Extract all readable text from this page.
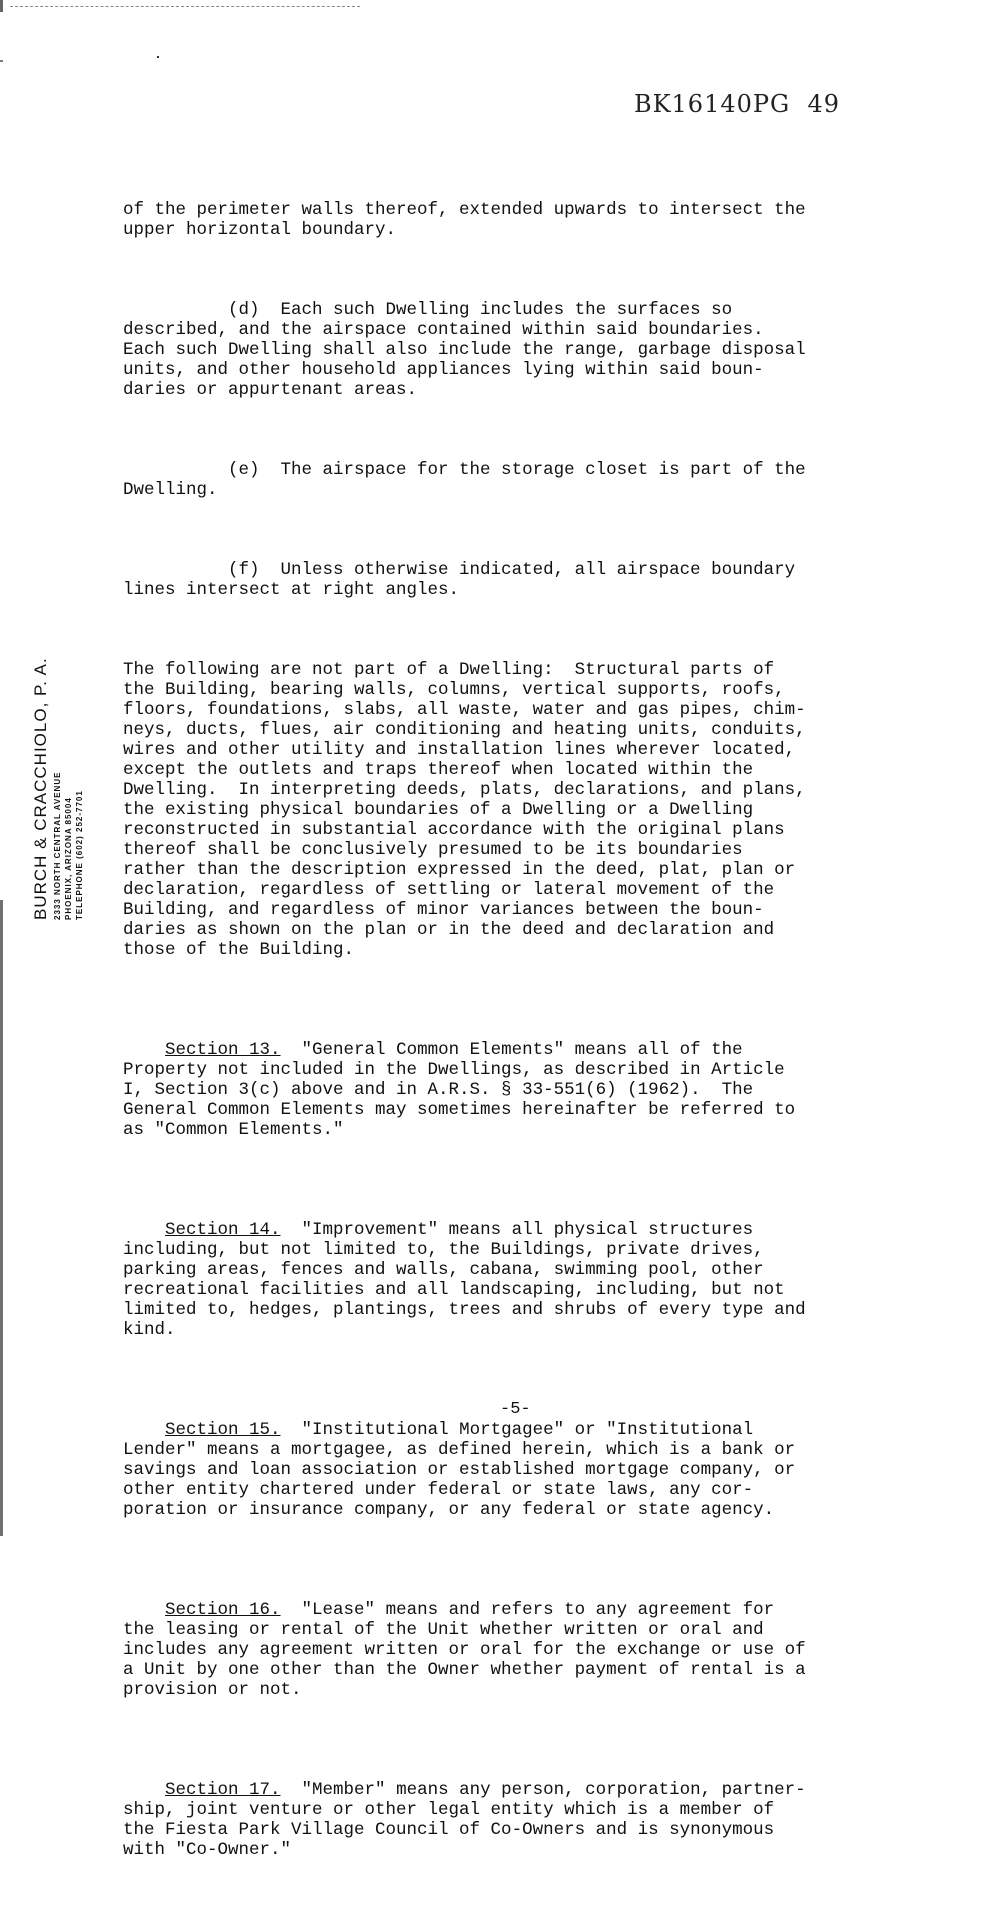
BK16140PG  49
BURCH & CRACCHIOLO, P. A. 2333 NORTH CENTRAL AVENUE PHOENIX, ARIZONA 85004 TELEPHONE (602) 252-7701

of the perimeter walls thereof, extended upwards to intersect the
upper horizontal boundary.

(d)  Each such Dwelling includes the surfaces so
described, and the airspace contained within said boundaries.
Each such Dwelling shall also include the range, garbage disposal
units, and other household appliances lying within said boun-
daries or appurtenant areas.

(e)  The airspace for the storage closet is part of the
Dwelling.

(f)  Unless otherwise indicated, all airspace boundary
lines intersect at right angles.

The following are not part of a Dwelling:  Structural parts of
the Building, bearing walls, columns, vertical supports, roofs,
floors, foundations, slabs, all waste, water and gas pipes, chim-
neys, ducts, flues, air conditioning and heating units, conduits,
wires and other utility and installation lines wherever located,
except the outlets and traps thereof when located within the
Dwelling.  In interpreting deeds, plats, declarations, and plans,
the existing physical boundaries of a Dwelling or a Dwelling
reconstructed in substantial accordance with the original plans
thereof shall be conclusively presumed to be its boundaries
rather than the description expressed in the deed, plat, plan or
declaration, regardless of settling or lateral movement of the
Building, and regardless of minor variances between the boun-
daries as shown on the plan or in the deed and declaration and
those of the Building.

Section 13.  "General Common Elements" means all of the
Property not included in the Dwellings, as described in Article
I, Section 3(c) above and in A.R.S. § 33-551(6) (1962).  The
General Common Elements may sometimes hereinafter be referred to
as "Common Elements."

Section 14.  "Improvement" means all physical structures
including, but not limited to, the Buildings, private drives,
parking areas, fences and walls, cabana, swimming pool, other
recreational facilities and all landscaping, including, but not
limited to, hedges, plantings, trees and shrubs of every type and
kind.

Section 15.  "Institutional Mortgagee" or "Institutional
Lender" means a mortgagee, as defined herein, which is a bank or
savings and loan association or established mortgage company, or
other entity chartered under federal or state laws, any cor-
poration or insurance company, or any federal or state agency.

Section 16.  "Lease" means and refers to any agreement for
the leasing or rental of the Unit whether written or oral and
includes any agreement written or oral for the exchange or use of
a Unit by one other than the Owner whether payment of rental is a
provision or not.

Section 17.  "Member" means any person, corporation, partner-
ship, joint venture or other legal entity which is a member of
the Fiesta Park Village Council of Co-Owners and is synonymous
with "Co-Owner."

-5-
